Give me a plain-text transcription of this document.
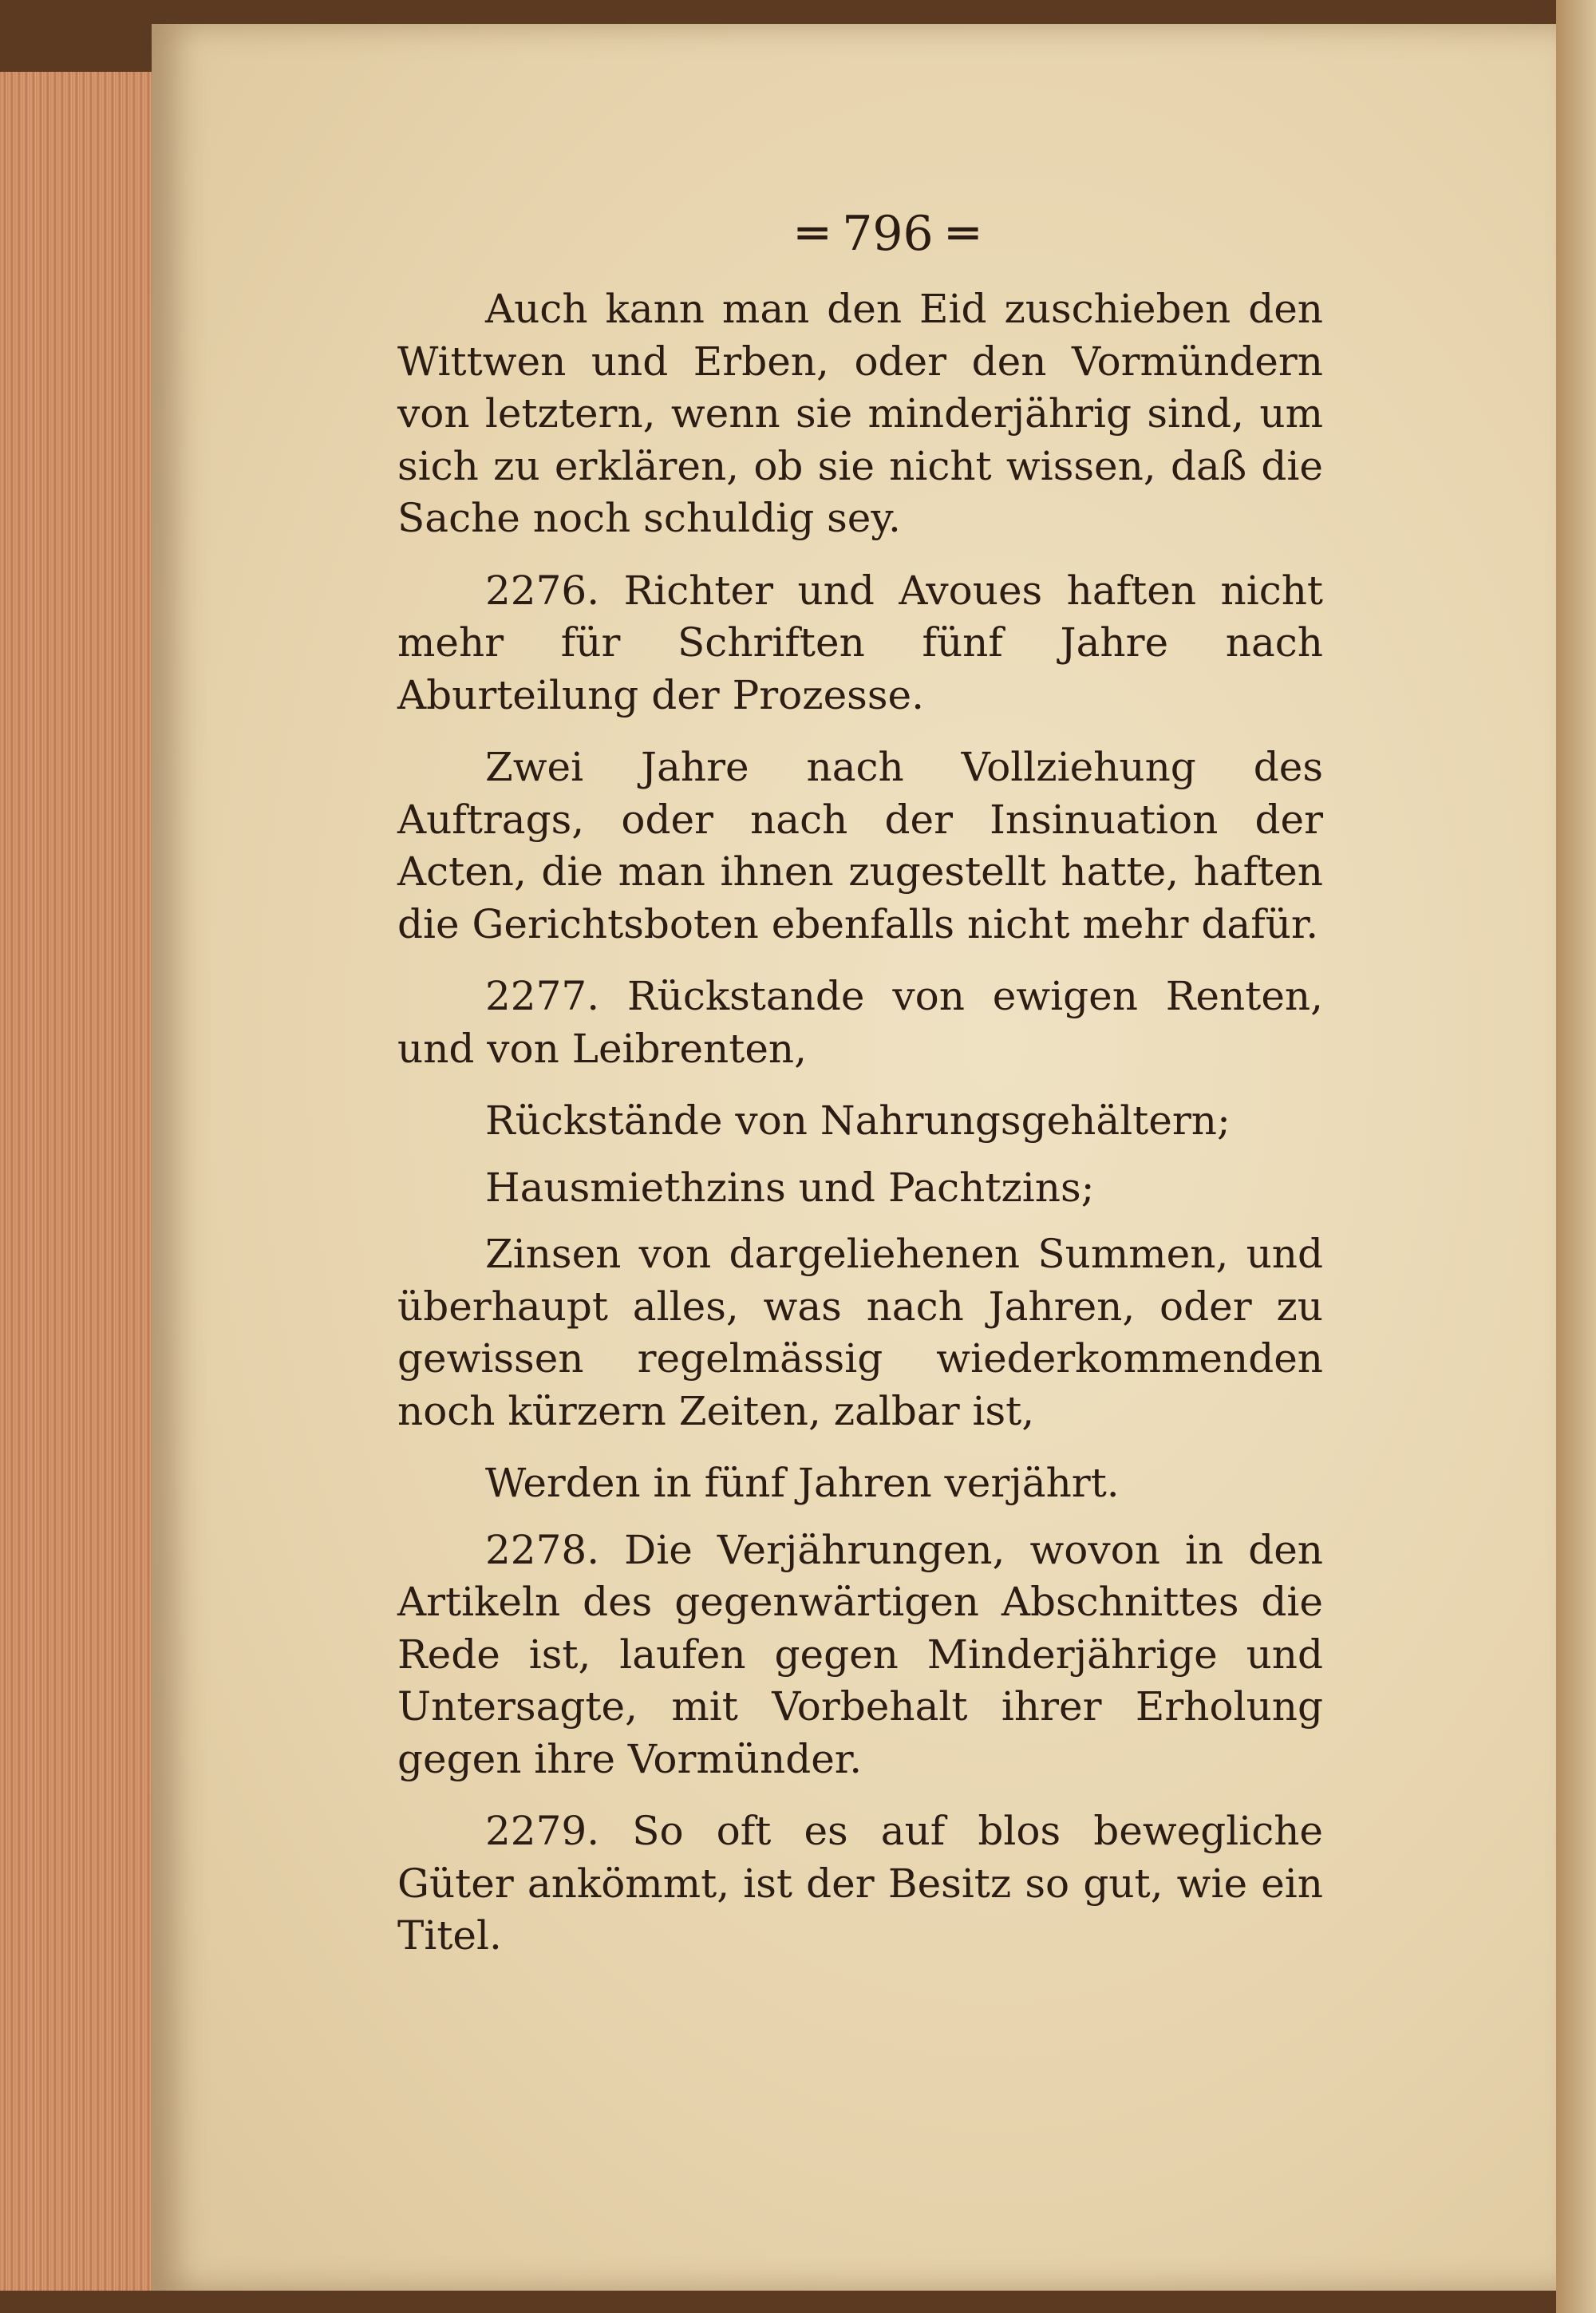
═ 796 ═

Auch kann man den Eid zuschieben den Wittwen und Erben, oder den Vormündern von letztern, wenn sie minderjährig sind, um sich zu erklären, ob sie nicht wissen, daß die Sache noch schuldig sey.

2276. Richter und Avoues haften nicht mehr für Schriften fünf Jahre nach Aburteilung der Prozesse.

Zwei Jahre nach Vollziehung des Auftrags, oder nach der Insinuation der Acten, die man ihnen zugestellt hatte, haften die Gerichtsboten ebenfalls nicht mehr dafür.

2277. Rückstande von ewigen Renten, und von Leibrenten,

Rückstände von Nahrungsgehältern;

Hausmiethzins und Pachtzins;

Zinsen von dargeliehenen Summen, und überhaupt alles, was nach Jahren, oder zu gewissen regelmässig wiederkommenden noch kürzern Zeiten, zalbar ist,

Werden in fünf Jahren verjährt.

2278. Die Verjährungen, wovon in den Artikeln des gegenwärtigen Abschnittes die Rede ist, laufen gegen Minderjährige und Untersagte, mit Vorbehalt ihrer Erholung gegen ihre Vormünder.

2279. So oft es auf blos bewegliche Güter ankömmt, ist der Besitz so gut, wie ein Titel.
